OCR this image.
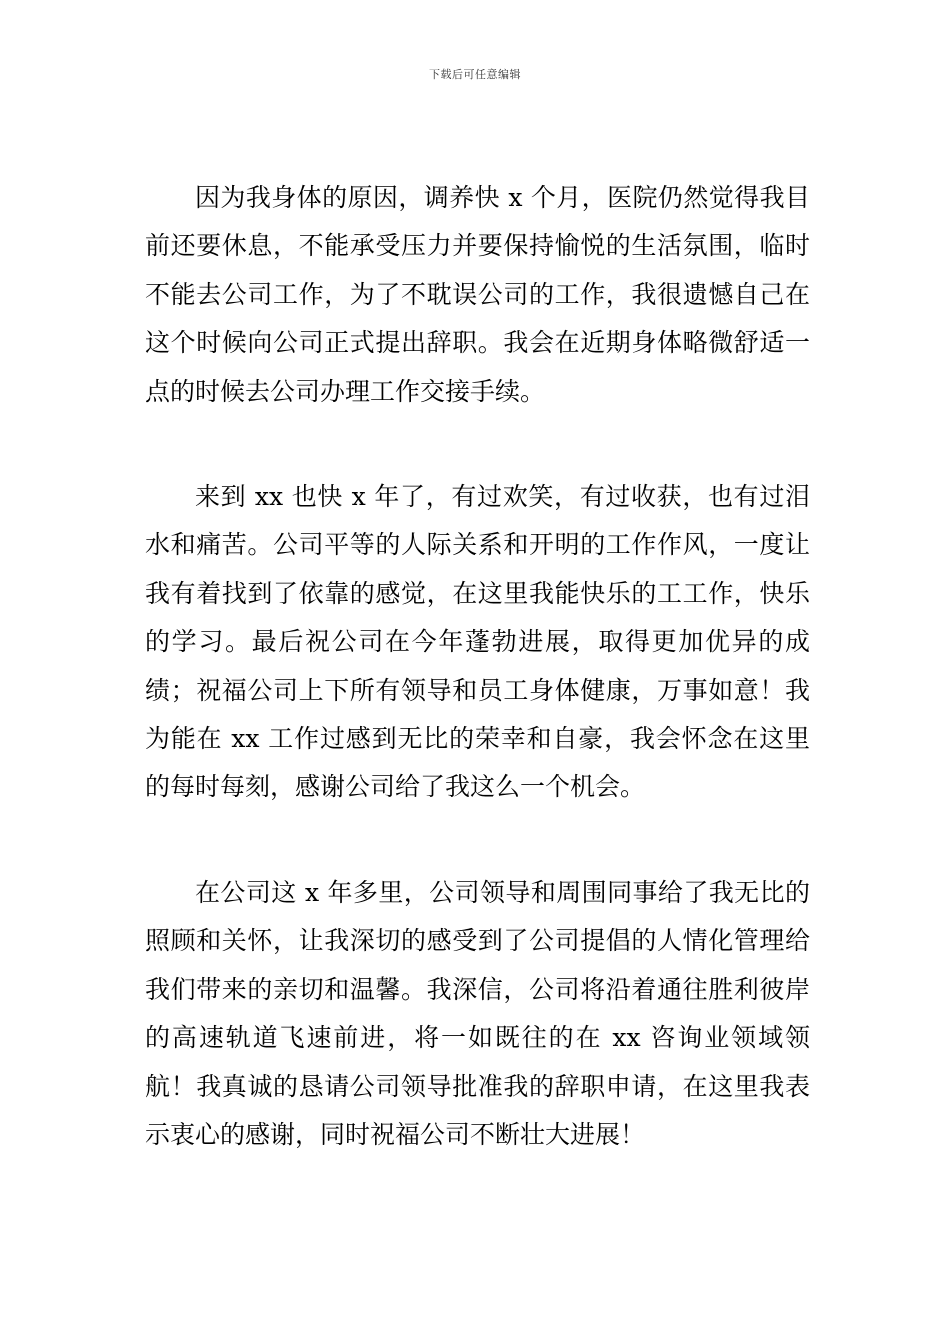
下载后可任意编辑

因为我身体的原因，调养快 x 个月，医院仍然觉得我目前还要休息，不能承受压力并要保持愉悦的生活氛围，临时不能去公司工作，为了不耽误公司的工作，我很遗憾自己在这个时候向公司正式提出辞职。我会在近期身体略微舒适一点的时候去公司办理工作交接手续。

来到 xx 也快 x 年了，有过欢笑，有过收获，也有过泪水和痛苦。公司平等的人际关系和开明的工作作风，一度让我有着找到了依靠的感觉，在这里我能快乐的工工作，快乐的学习。最后祝公司在今年蓬勃进展，取得更加优异的成绩；祝福公司上下所有领导和员工身体健康，万事如意！我为能在 xx 工作过感到无比的荣幸和自豪，我会怀念在这里的每时每刻，感谢公司给了我这么一个机会。

在公司这 x 年多里，公司领导和周围同事给了我无比的照顾和关怀，让我深切的感受到了公司提倡的人情化管理给我们带来的亲切和温馨。我深信，公司将沿着通往胜利彼岸的高速轨道飞速前进，将一如既往的在 xx 咨询业领域领航！我真诚的恳请公司领导批准我的辞职申请，在这里我表示衷心的感谢，同时祝福公司不断壮大进展！
